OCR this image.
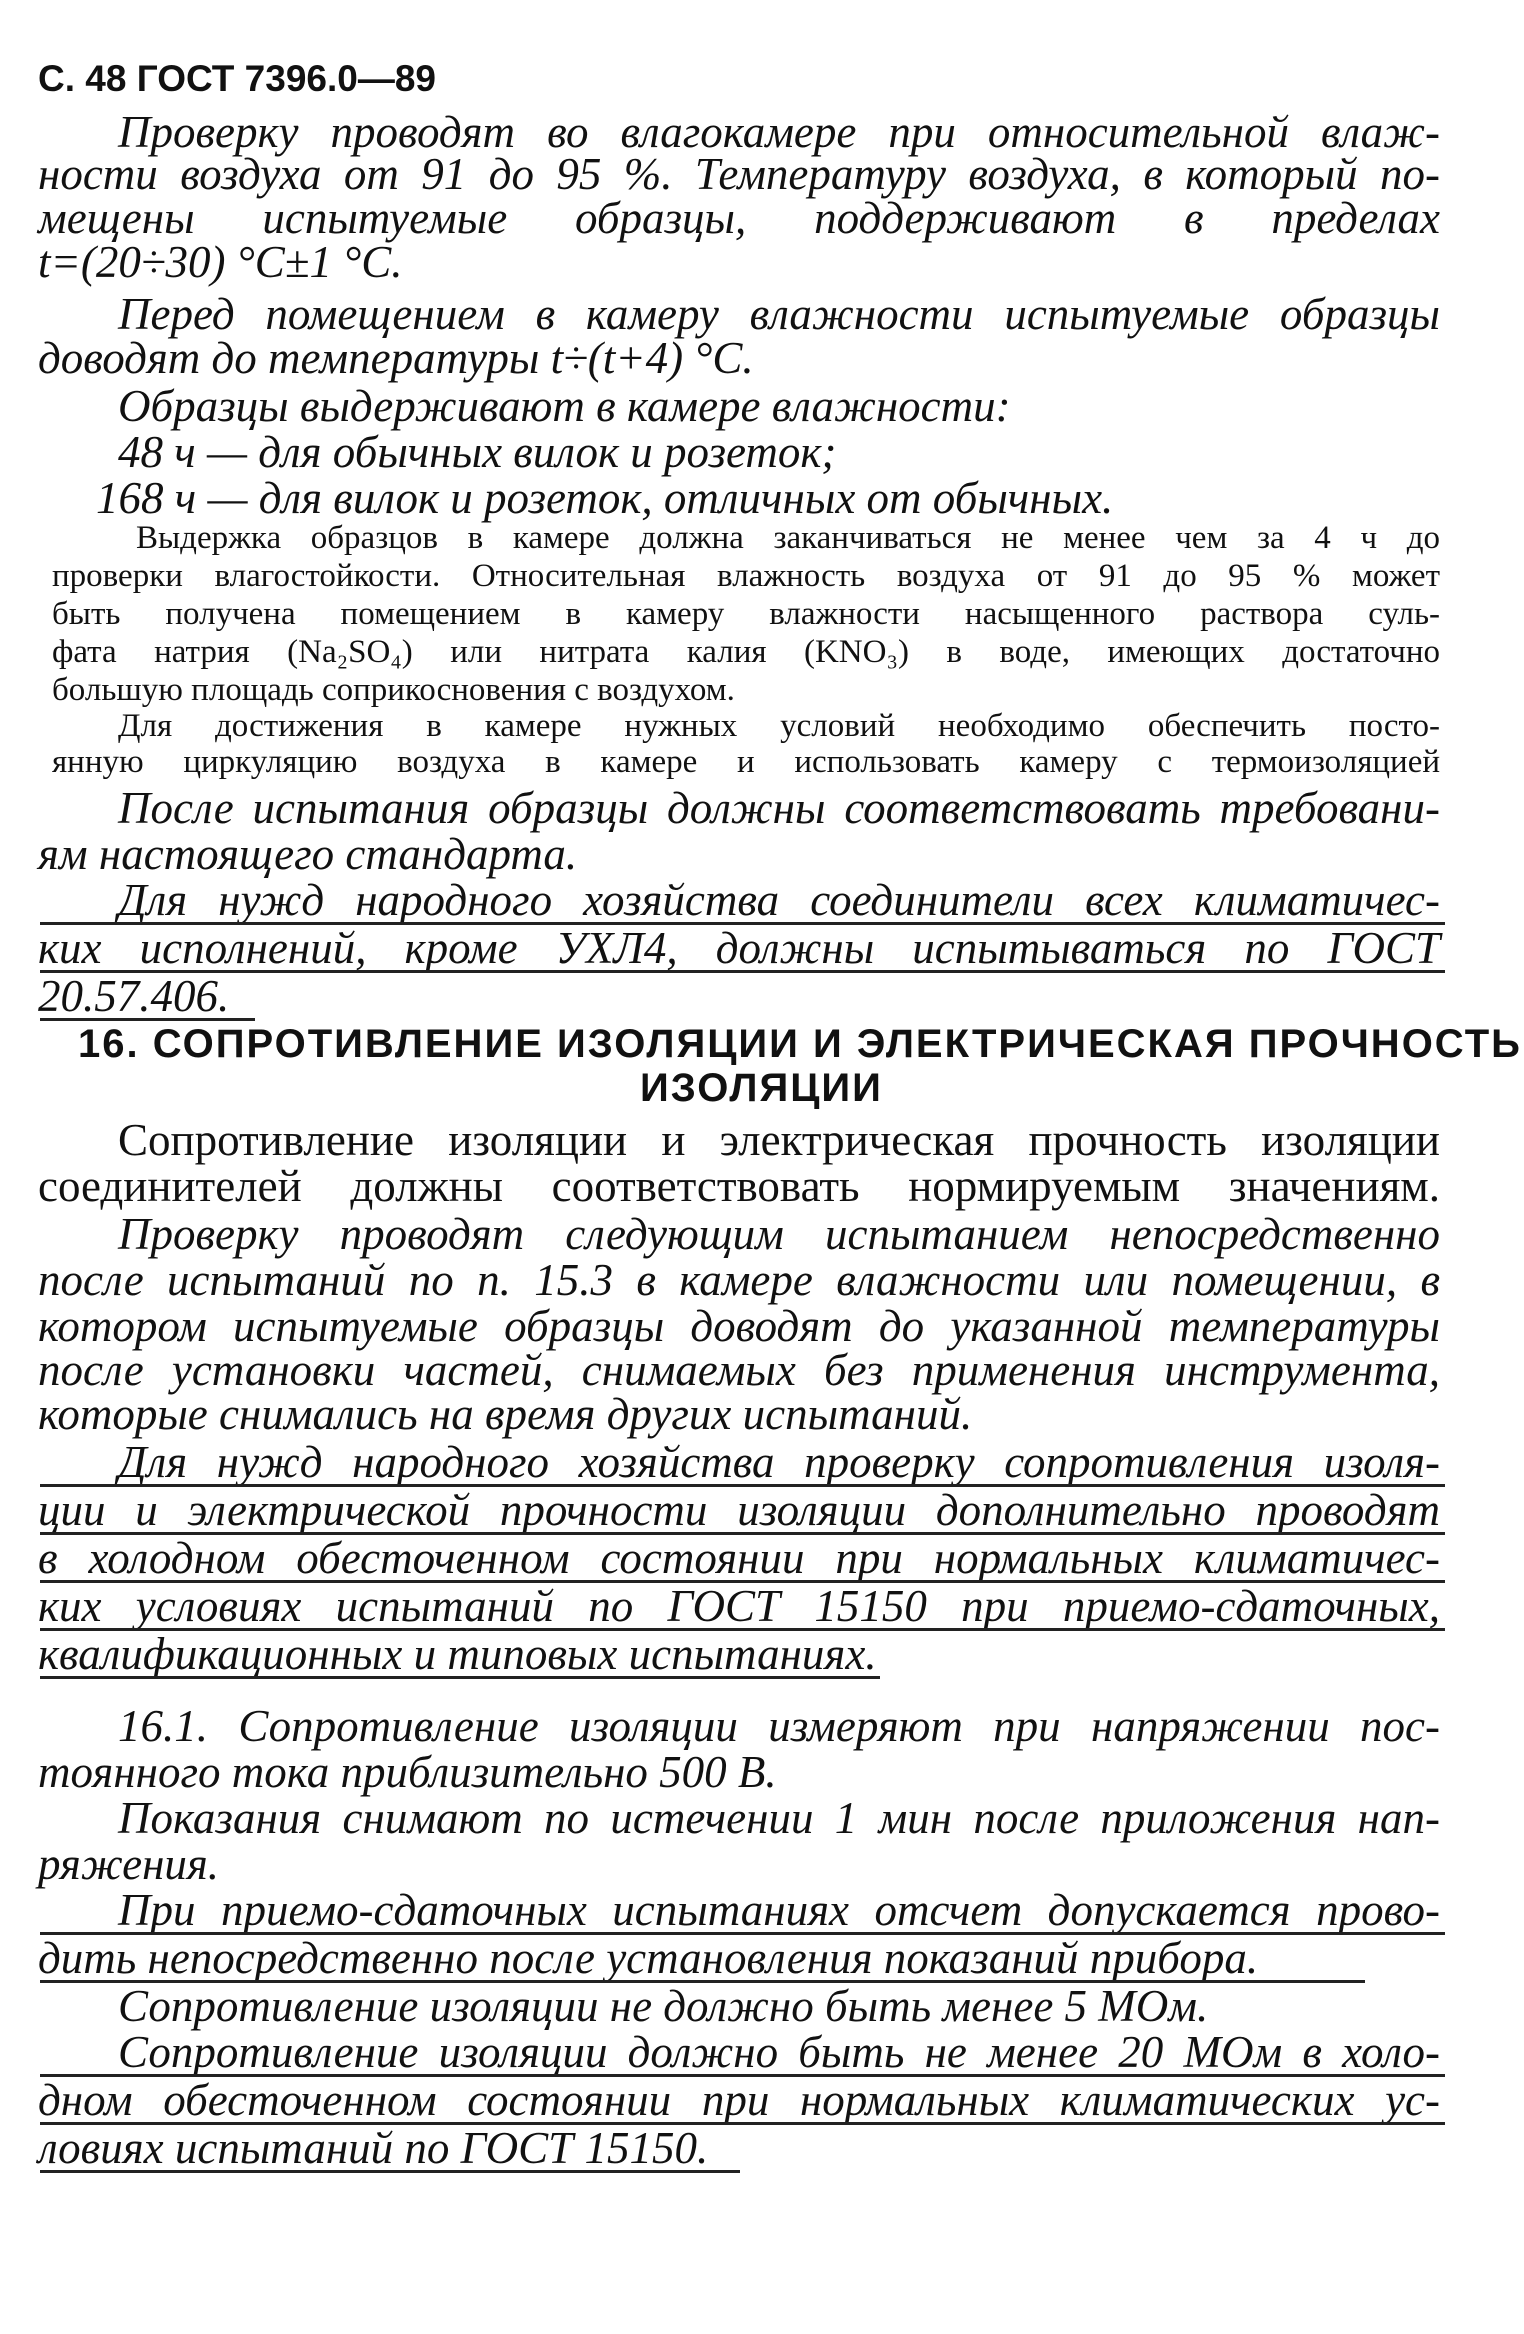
С. 48 ГОСТ 7396.0—89
Проверку проводят во влагокамере при относительной влаж-
ности воздуха от 91 до 95 %. Температуру воздуха, в который по-
мещены испытуемые образцы, поддерживают в пределах
t=(20÷30) °С±1 °С.
Перед помещением в камеру влажности испытуемые образцы
доводят до температуры t÷(t+4) °С.
Образцы выдерживают в камере влажности:
48 ч — для обычных вилок и розеток;
168 ч — для вилок и розеток, отличных от обычных.
Выдержка образцов в камере должна заканчиваться не менее чем за 4 ч до
проверки влагостойкости. Относительная влажность воздуха от 91 до 95 % может
быть получена помещением в камеру влажности насыщенного раствора суль-
фата натрия (Na₂SO₄) или нитрата калия (KNO₃) в воде, имеющих достаточно
большую площадь соприкосновения с воздухом.
Для достижения в камере нужных условий необходимо обеспечить посто-
янную циркуляцию воздуха в камере и использовать камеру с термоизоляцией
После испытания образцы должны соответствовать требовани-
ям настоящего стандарта.
Для нужд народного хозяйства соединители всех климатичес-
ких исполнений, кроме УХЛ4, должны испытываться по ГОСТ
20.57.406.
16. СОПРОТИВЛЕНИЕ ИЗОЛЯЦИИ И ЭЛЕКТРИЧЕСКАЯ ПРОЧНОСТЬ
ИЗОЛЯЦИИ
Сопротивление изоляции и электрическая прочность изоляции
соединителей должны соответствовать нормируемым значениям.
Проверку проводят следующим испытанием непосредственно
после испытаний по п. 15.3 в камере влажности или помещении, в
котором испытуемые образцы доводят до указанной температуры
после установки частей, снимаемых без применения инструмента,
которые снимались на время других испытаний.
Для нужд народного хозяйства проверку сопротивления изоля-
ции и электрической прочности изоляции дополнительно проводят
в холодном обесточенном состоянии при нормальных климатичес-
ких условиях испытаний по ГОСТ 15150 при приемо-сдаточных,
квалификационных и типовых испытаниях.
16.1. Сопротивление изоляции измеряют при напряжении пос-
тоянного тока приблизительно 500 В.
Показания снимают по истечении 1 мин после приложения нап-
ряжения.
При приемо-сдаточных испытаниях отсчет допускается прово-
дить непосредственно после установления показаний прибора.
Сопротивление изоляции не должно быть менее 5 МОм.
Сопротивление изоляции должно быть не менее 20 МОм в холо-
дном обесточенном состоянии при нормальных климатических ус-
ловиях испытаний по ГОСТ 15150.
